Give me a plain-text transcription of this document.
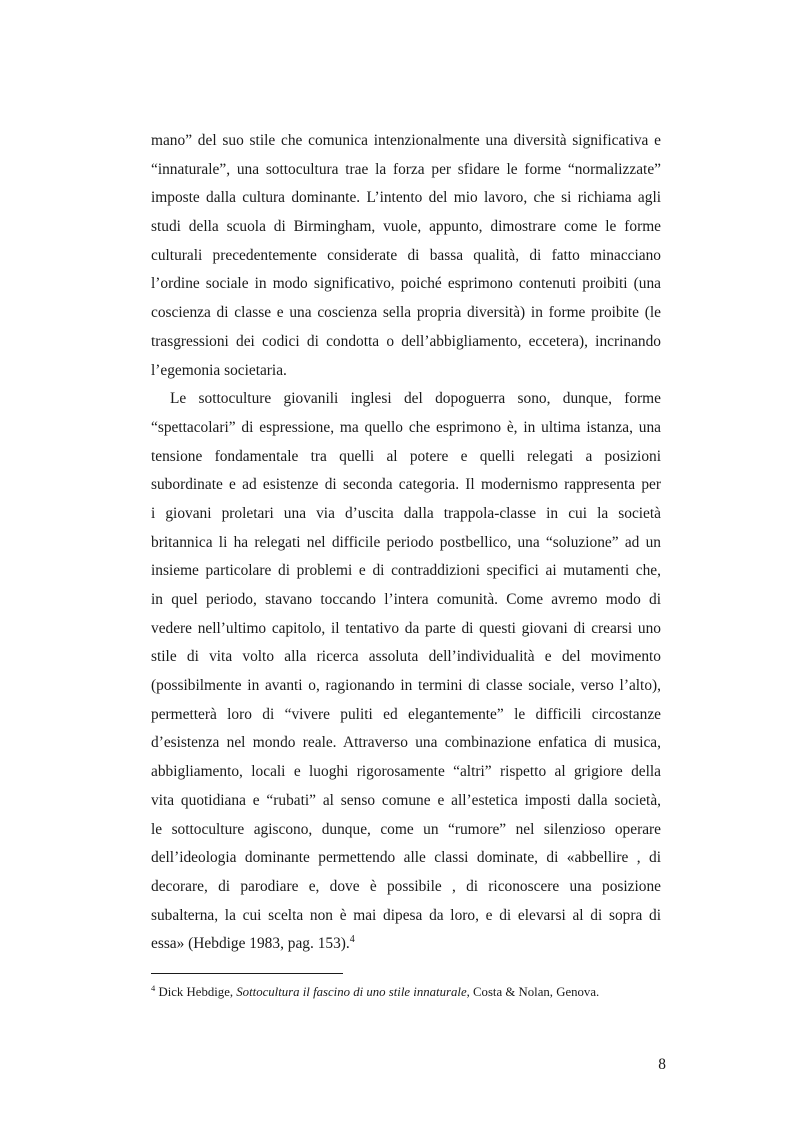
mano” del suo stile che comunica intenzionalmente una diversità significativa e
“innaturale”, una sottocultura trae la forza per sfidare le forme “normalizzate”
imposte dalla cultura dominante. L’intento del mio lavoro, che si richiama agli
studi della scuola di Birmingham, vuole, appunto, dimostrare come le forme
culturali precedentemente considerate di bassa qualità, di fatto minacciano
l’ordine sociale in modo significativo, poiché esprimono contenuti proibiti (una
coscienza di classe e una coscienza sella propria diversità) in forme proibite (le
trasgressioni dei codici di condotta o dell’abbigliamento, eccetera), incrinando
l’egemonia societaria.
Le sottoculture giovanili inglesi del dopoguerra sono, dunque, forme
“spettacolari” di espressione, ma quello che esprimono è, in ultima istanza, una
tensione fondamentale tra quelli al potere e quelli relegati a posizioni
subordinate e ad esistenze di seconda categoria. Il modernismo rappresenta per
i giovani proletari una via d’uscita dalla trappola-classe in cui la società
britannica li ha relegati nel difficile periodo postbellico, una “soluzione” ad un
insieme particolare di problemi e di contraddizioni specifici ai mutamenti che,
in quel periodo, stavano toccando l’intera comunità. Come avremo modo di
vedere nell’ultimo capitolo, il tentativo da parte di questi giovani di crearsi uno
stile di vita volto alla ricerca assoluta dell’individualità e del movimento
(possibilmente in avanti o, ragionando in termini di classe sociale, verso l’alto),
permetterà loro di “vivere puliti ed elegantemente” le difficili circostanze
d’esistenza nel mondo reale. Attraverso una combinazione enfatica di musica,
abbigliamento, locali e luoghi rigorosamente “altri” rispetto al grigiore della
vita quotidiana e “rubati” al senso comune e all’estetica imposti dalla società,
le sottoculture agiscono, dunque, come un “rumore” nel silenzioso operare
dell’ideologia dominante permettendo alle classi dominate, di «abbellire , di
decorare, di parodiare e, dove è possibile , di riconoscere una posizione
subalterna, la cui scelta non è mai dipesa da loro, e di elevarsi al di sopra di
essa» (Hebdige 1983, pag. 153).$^4$
$^4$ Dick Hebdige, Sottocultura il fascino di uno stile innaturale, Costa & Nolan, Genova.
8
